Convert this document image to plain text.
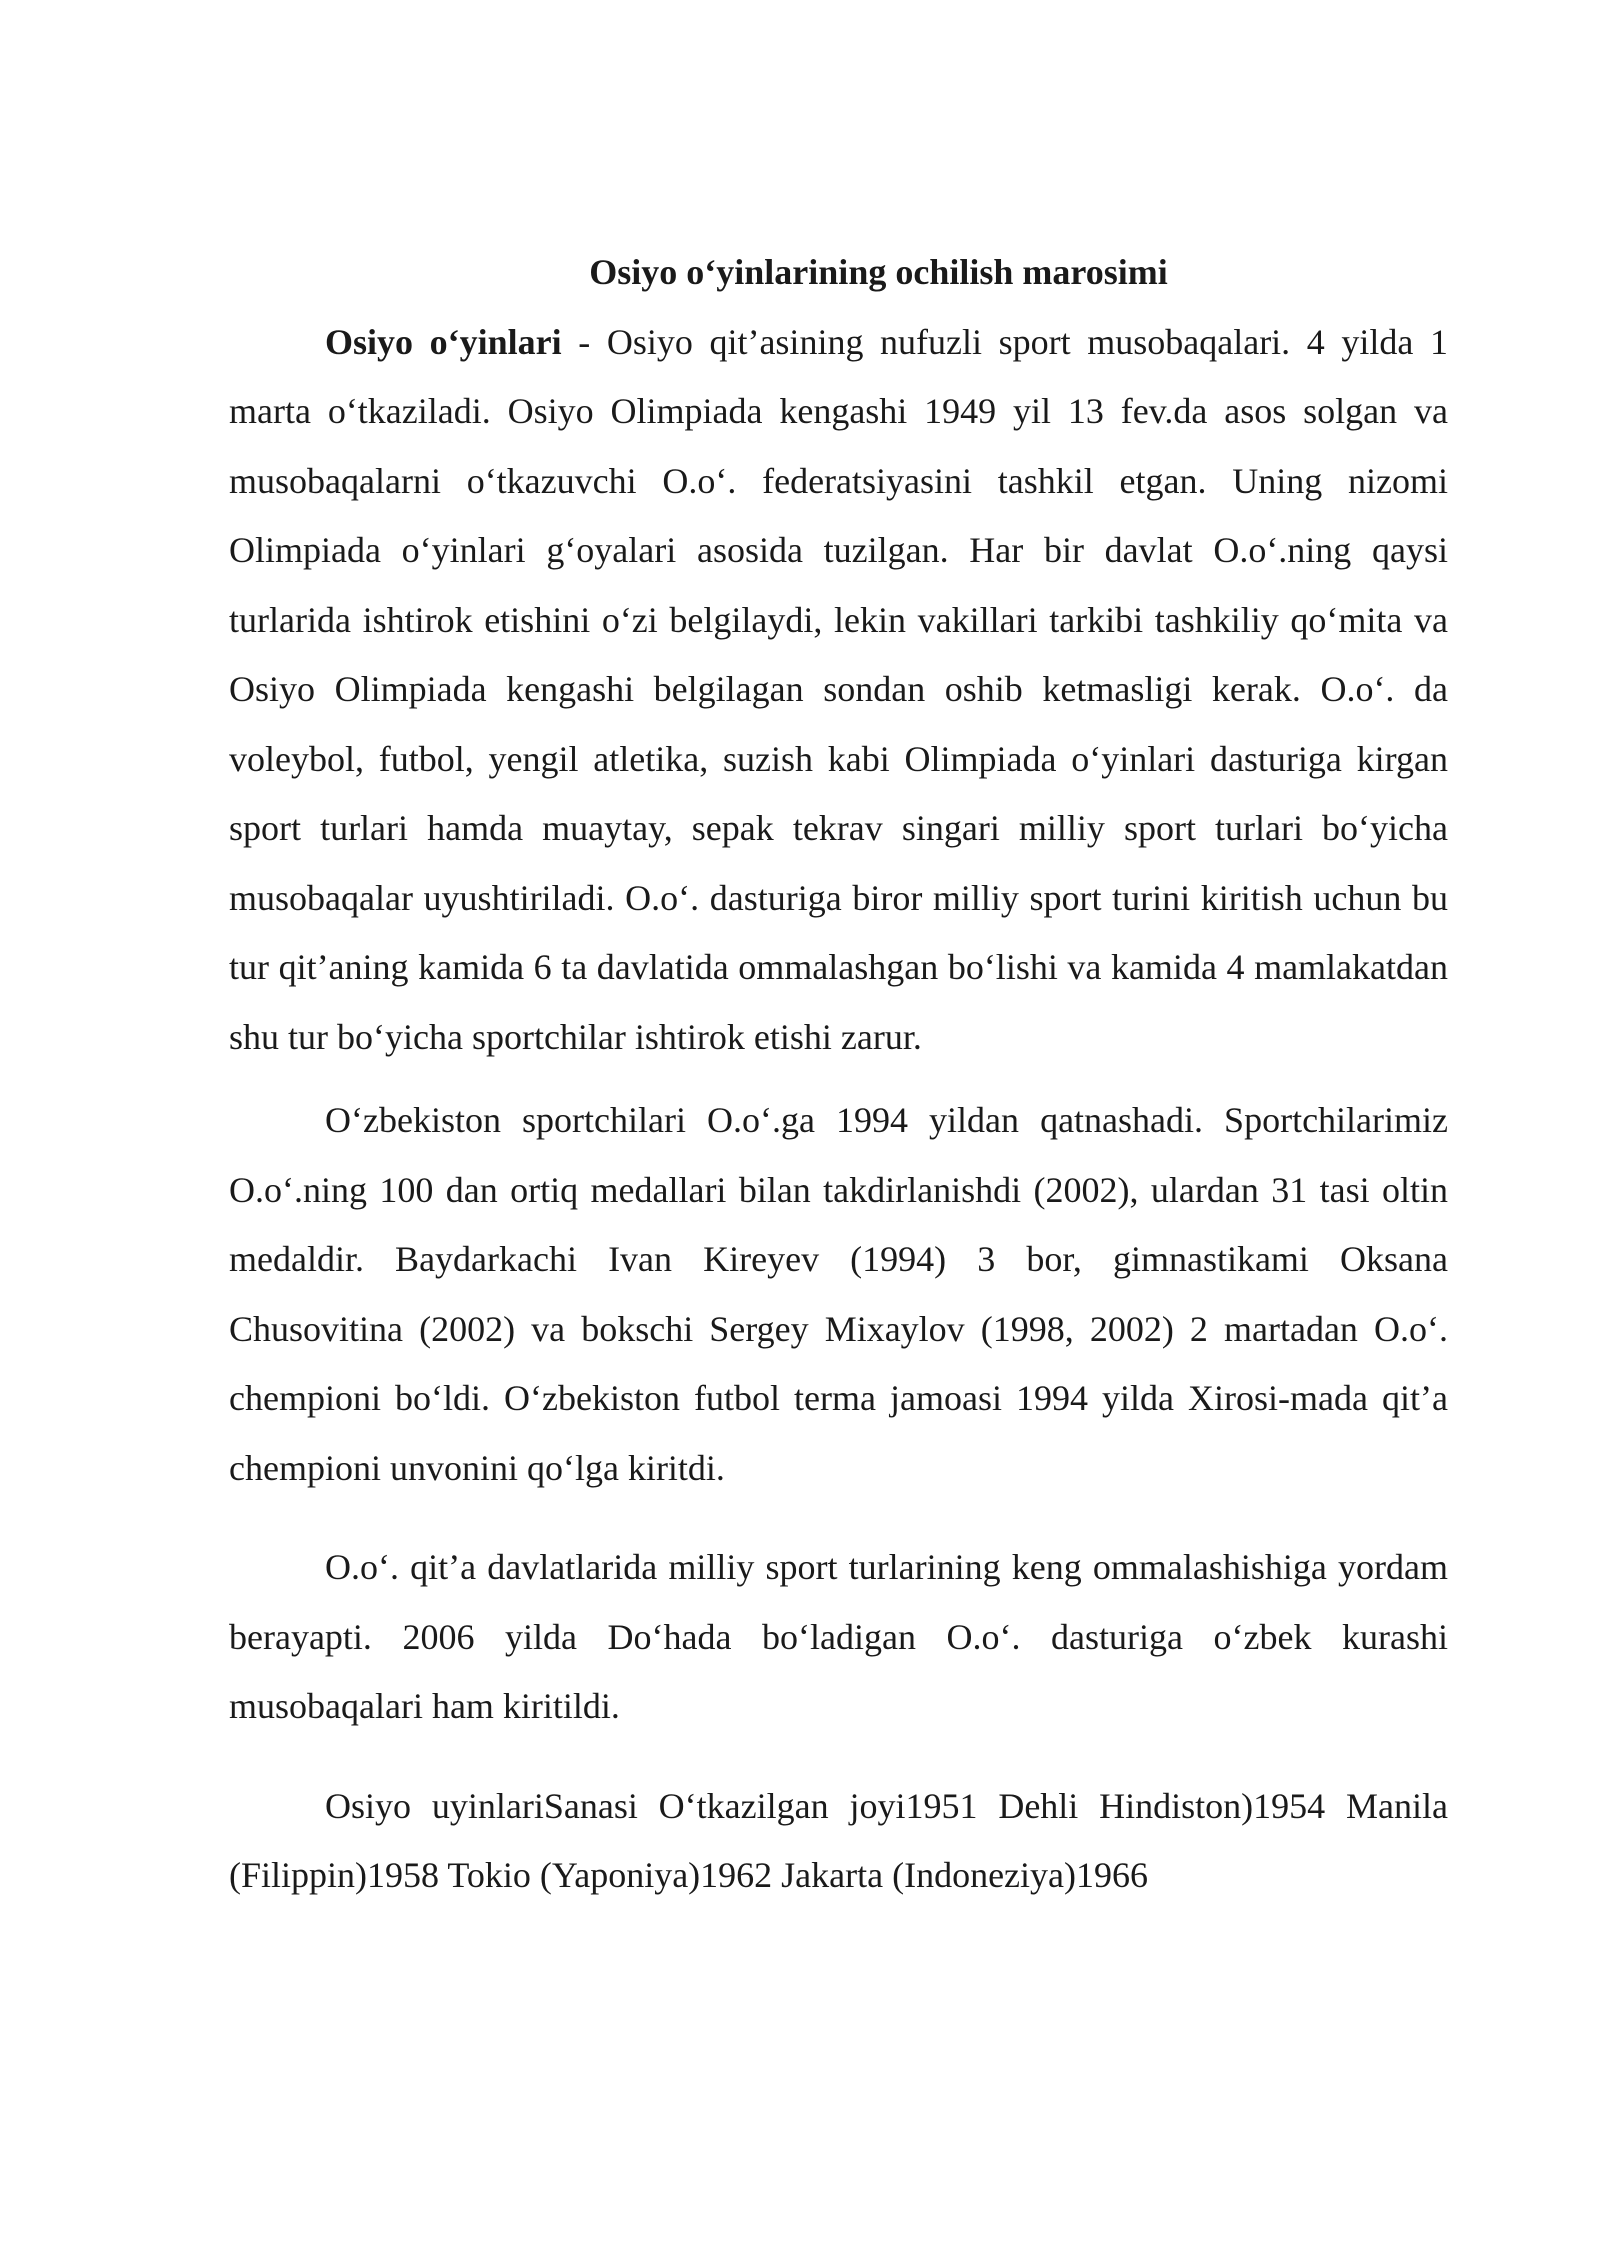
Osiyo o‘yinlarining ochilish marosimi

Osiyo o‘yinlari - Osiyo qit’asining nufuzli sport musobaqalari. 4 yilda 1 marta o‘tkaziladi. Osiyo Olimpiada kengashi 1949 yil 13 fev.da asos solgan va musobaqalarni o‘tkazuvchi O.o‘. federatsiyasini tashkil etgan. Uning nizomi Olimpiada o‘yinlari g‘oyalari asosida tuzilgan. Har bir davlat O.o‘.ning qaysi turlarida ishtirok etishini o‘zi belgilaydi, lekin vakillari tarkibi tashkiliy qo‘mita va Osiyo Olimpiada kengashi belgilagan sondan oshib ketmasligi kerak. O.o‘. da voleybol, futbol, yengil atletika, suzish kabi Olimpiada o‘yinlari dasturiga kirgan sport turlari hamda muaytay, sepak tekrav singari milliy sport turlari bo‘yicha musobaqalar uyushtiriladi. O.o‘. dasturiga biror milliy sport turini kiritish uchun bu tur qit’aning kamida 6 ta davlatida ommalashgan bo‘lishi va kamida 4 mamlakatdan shu tur bo‘yicha sportchilar ishtirok etishi zarur.

O‘zbekiston sportchilari O.o‘.ga 1994 yildan qatnashadi. Sportchilarimiz O.o‘.ning 100 dan ortiq medallari bilan takdirlanishdi (2002), ulardan 31 tasi oltin medaldir. Baydarkachi Ivan Kireyev (1994) 3 bor, gimnastikami Oksana Chusovitina (2002) va bokschi Sergey Mixaylov (1998, 2002) 2 martadan O.o‘. chempioni bo‘ldi. O‘zbekiston futbol terma jamoasi 1994 yilda Xirosi-mada qit’a chempioni unvonini qo‘lga kiritdi.

O.o‘. qit’a davlatlarida milliy sport turlarining keng ommalashishiga yordam berayapti. 2006 yilda Do‘hada bo‘ladigan O.o‘. dasturiga o‘zbek kurashi musobaqalari ham kiritildi.

Osiyo uyinlariSanasi O‘tkazilgan joyi1951 Dehli Hindiston)1954 Manila (Filippin)1958 Tokio (Yaponiya)1962 Jakarta (Indoneziya)1966
